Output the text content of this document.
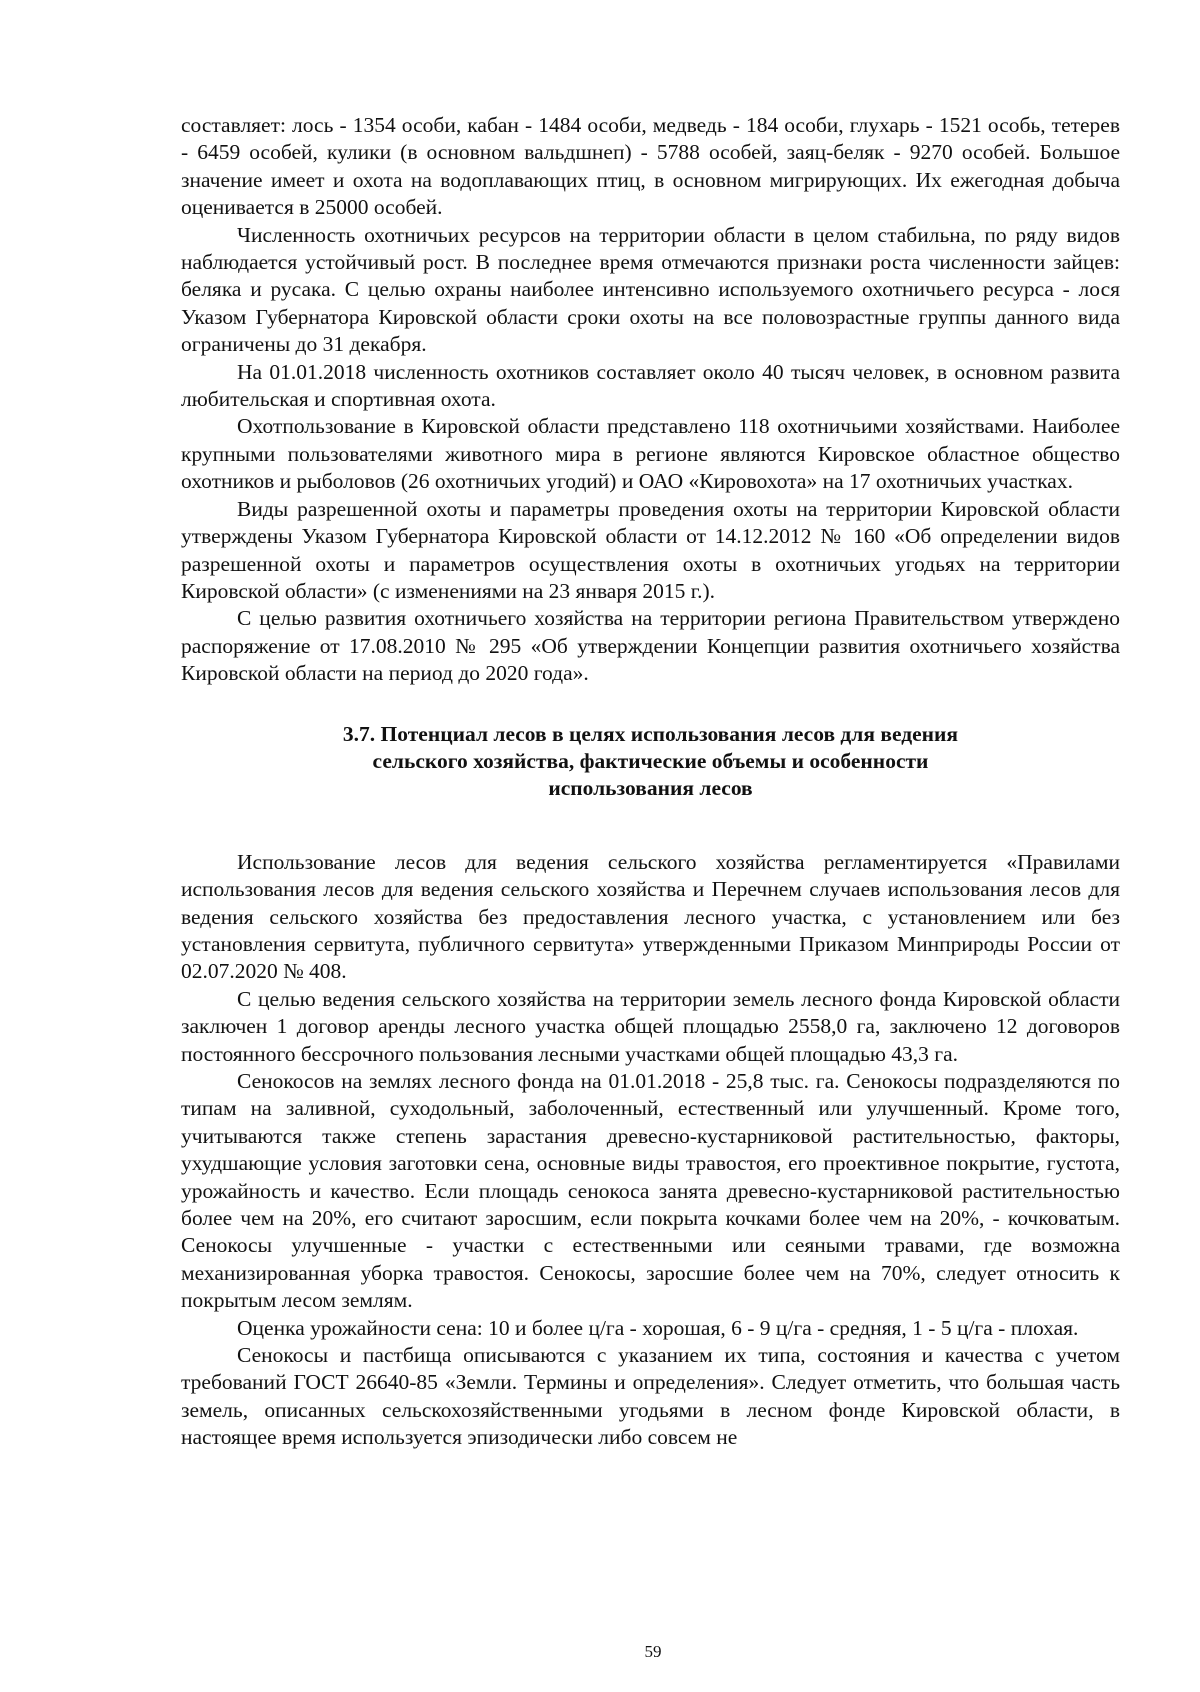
составляет: лось - 1354 особи, кабан - 1484 особи, медведь - 184 особи, глухарь - 1521 особь, тетерев - 6459 особей, кулики (в основном вальдшнеп) - 5788 особей, заяц-беляк - 9270 особей. Большое значение имеет и охота на водоплавающих птиц, в основном мигрирующих. Их ежегодная добыча оценивается в 25000 особей.

Численность охотничьих ресурсов на территории области в целом стабильна, по ряду видов наблюдается устойчивый рост. В последнее время отмечаются признаки роста численности зайцев: беляка и русака. С целью охраны наиболее интенсивно используемого охотничьего ресурса - лося Указом Губернатора Кировской области сроки охоты на все половозрастные группы данного вида ограничены до 31 декабря.

На 01.01.2018 численность охотников составляет около 40 тысяч человек, в основном развита любительская и спортивная охота.

Охотпользование в Кировской области представлено 118 охотничьими хозяйствами. Наиболее крупными пользователями животного мира в регионе являются Кировское областное общество охотников и рыболовов (26 охотничьих угодий) и ОАО «Кировохота» на 17 охотничьих участках.

Виды разрешенной охоты и параметры проведения охоты на территории Кировской области утверждены Указом Губернатора Кировской области от 14.12.2012 № 160 «Об определении видов разрешенной охоты и параметров осуществления охоты в охотничьих угодьях на территории Кировской области» (с изменениями на 23 января 2015 г.).

С целью развития охотничьего хозяйства на территории региона Правительством утверждено распоряжение от 17.08.2010 № 295 «Об утверждении Концепции развития охотничьего хозяйства Кировской области на период до 2020 года».

3.7. Потенциал лесов в целях использования лесов для ведения
сельского хозяйства, фактические объемы и особенности
использования лесов

Использование лесов для ведения сельского хозяйства регламентируется «Правилами использования лесов для ведения сельского хозяйства и Перечнем случаев использования лесов для ведения сельского хозяйства без предоставления лесного участка, с установлением или без установления сервитута, публичного сервитута» утвержденными Приказом Минприроды России от 02.07.2020 № 408.

С целью ведения сельского хозяйства на территории земель лесного фонда Кировской области заключен 1 договор аренды лесного участка общей площадью 2558,0 га, заключено 12 договоров постоянного бессрочного пользования лесными участками общей площадью 43,3 га.

Сенокосов на землях лесного фонда на 01.01.2018 - 25,8 тыс. га. Сенокосы подразделяются по типам на заливной, суходольный, заболоченный, естественный или улучшенный. Кроме того, учитываются также степень зарастания древесно-кустарниковой растительностью, факторы, ухудшающие условия заготовки сена, основные виды травостоя, его проективное покрытие, густота, урожайность и качество. Если площадь сенокоса занята древесно-кустарниковой растительностью более чем на 20%, его считают заросшим, если покрыта кочками более чем на 20%, - кочковатым. Сенокосы улучшенные - участки с естественными или сеяными травами, где возможна механизированная уборка травостоя. Сенокосы, заросшие более чем на 70%, следует относить к покрытым лесом землям.

Оценка урожайности сена: 10 и более ц/га - хорошая, 6 - 9 ц/га - средняя, 1 - 5 ц/га - плохая.

Сенокосы и пастбища описываются с указанием их типа, состояния и качества с учетом требований ГОСТ 26640-85 «Земли. Термины и определения». Следует отметить, что большая часть земель, описанных сельскохозяйственными угодьями в лесном фонде Кировской области, в настоящее время используется эпизодически либо совсем не

59
